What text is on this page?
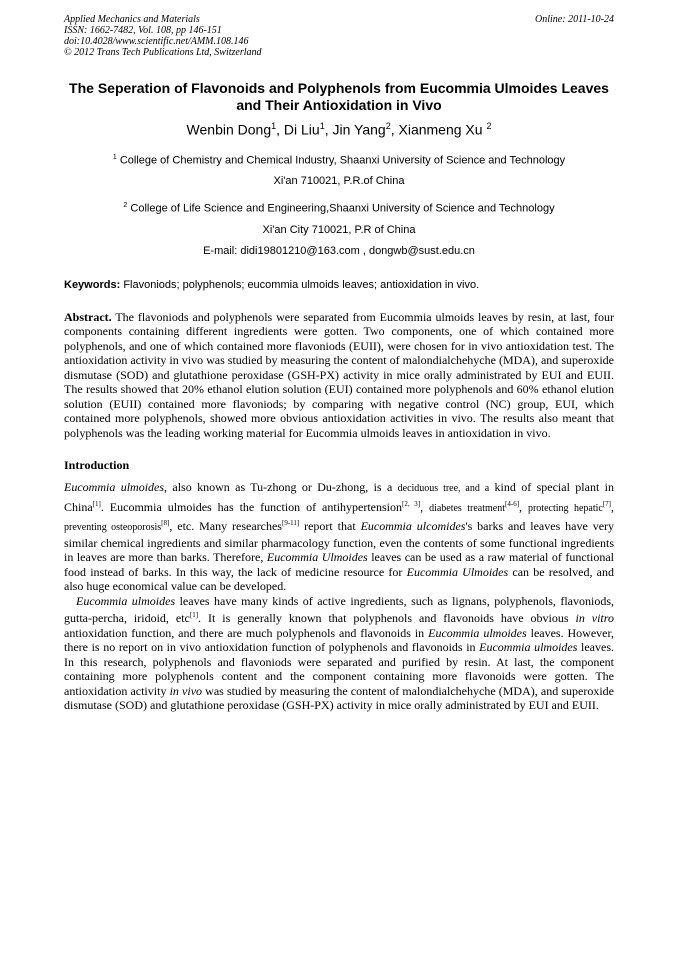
Applied Mechanics and Materials
ISSN: 1662-7482, Vol. 108, pp 146-151
doi:10.4028/www.scientific.net/AMM.108.146
© 2012 Trans Tech Publications Ltd, Switzerland
Online: 2011-10-24
The Seperation of Flavonoids and Polyphenols from Eucommia Ulmoides Leaves and Their Antioxidation in Vivo
Wenbin Dong$^1$, Di Liu$^1$, Jin Yang$^2$, Xianmeng Xu $^2$
$^1$ College of Chemistry and Chemical Industry, Shaanxi University of Science and Technology
Xi'an 710021, P.R.of China
$^2$ College of Life Science and Engineering,Shaanxi University of Science and Technology
Xi'an City 710021, P.R of China
E-mail: didi19801210@163.com , dongwb@sust.edu.cn
Keywords: Flavoniods; polyphenols; eucommia ulmoids leaves; antioxidation in vivo.
Abstract. The flavoniods and polyphenols were separated from Eucommia ulmoids leaves by resin, at last, four components containing different ingredients were gotten. Two components, one of which contained more polyphenols, and one of which contained more flavoniods (EUII), were chosen for in vivo antioxidation test. The antioxidation activity in vivo was studied by measuring the content of malondialchehyche (MDA), and superoxide dismutase (SOD) and glutathione peroxidase (GSH-PX) activity in mice orally administrated by EUI and EUII. The results showed that 20% ethanol elution solution (EUI) contained more polyphenols and 60% ethanol elution solution (EUII) contained more flavoniods; by comparing with negative control (NC) group, EUI, which contained more polyphenols, showed more obvious antioxidation activities in vivo. The results also meant that polyphenols was the leading working material for Eucommia ulmoids leaves in antioxidation in vivo.
Introduction
Eucommia ulmoides, also known as Tu-zhong or Du-zhong, is a deciduous tree, and a kind of special plant in China[1]. Eucommia ulmoides has the function of antihypertension[2, 3], diabetes treatment[4-6], protecting hepatic[7], preventing osteoporosis[8], etc. Many researches[9-11] report that Eucommia ulcomides's barks and leaves have very similar chemical ingredients and similar pharmacology function, even the contents of some functional ingredients in leaves are more than barks. Therefore, Eucommia Ulmoides leaves can be used as a raw material of functional food instead of barks. In this way, the lack of medicine resource for Eucommia Ulmoides can be resolved, and also huge economical value can be developed.
Eucommia ulmoides leaves have many kinds of active ingredients, such as lignans, polyphenols, flavoniods, gutta-percha, iridoid, etc[1]. It is generally known that polyphenols and flavonoids have obvious in vitro antioxidation function, and there are much polyphenols and flavonoids in Eucommia ulmoides leaves. However, there is no report on in vivo antioxidation function of polyphenols and flavonoids in Eucommia ulmoides leaves. In this research, polyphenols and flavoniods were separated and purified by resin. At last, the component containing more polyphenols content and the component containing more flavonoids were gotten. The antioxidation activity in vivo was studied by measuring the content of malondialchehyche (MDA), and superoxide dismutase (SOD) and glutathione peroxidase (GSH-PX) activity in mice orally administrated by EUI and EUII.
